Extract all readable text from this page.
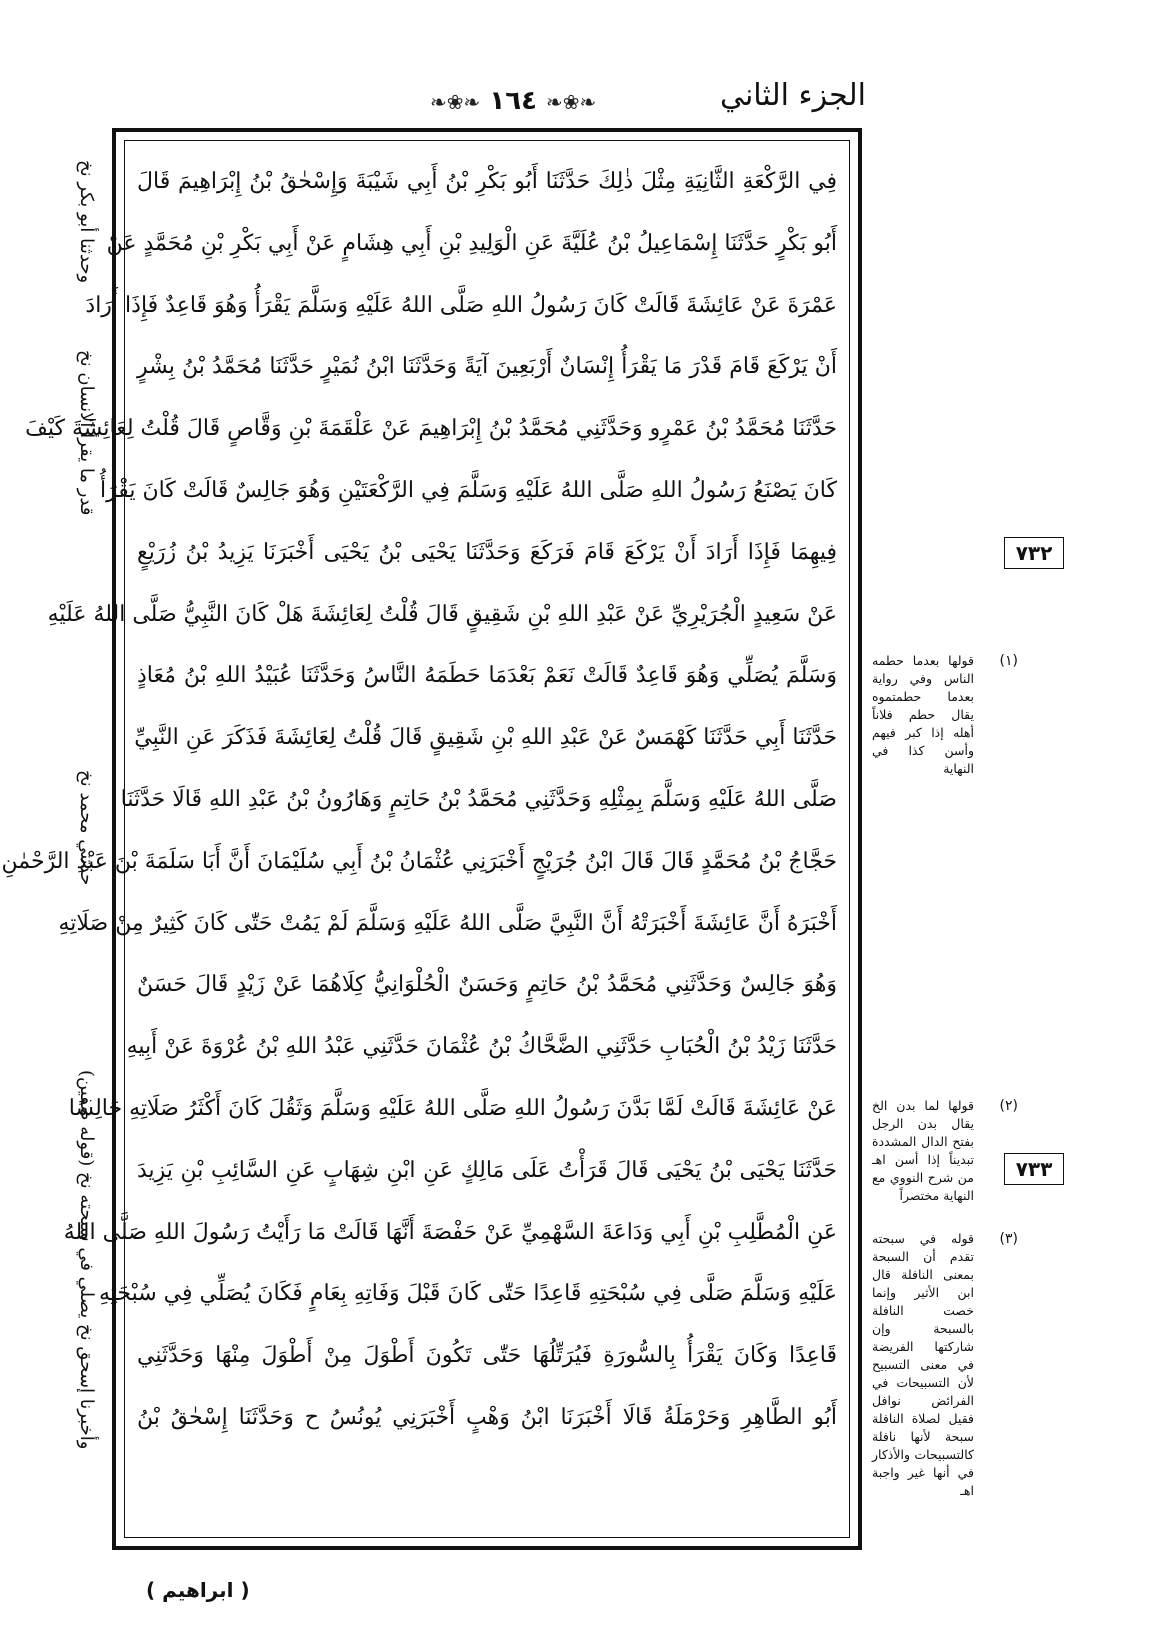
الجزء الثاني
❧❀❧ ١٦٤ ❧❀❧
فِي الرَّكْعَةِ الثَّانِيَةِ مِثْلَ ذٰلِكَ حَدَّثَنَا أَبُو بَكْرِ بْنُ أَبِي شَيْبَةَ وَإِسْحٰقُ بْنُ إِبْرَاهِيمَ قَالَ
أَبُو بَكْرٍ حَدَّثَنَا إِسْمَاعِيلُ بْنُ عُلَيَّةَ عَنِ الْوَلِيدِ بْنِ أَبِي هِشَامٍ عَنْ أَبِي بَكْرِ بْنِ مُحَمَّدٍ عَنْ
عَمْرَةَ عَنْ عَائِشَةَ قَالَتْ كَانَ رَسُولُ اللهِ صَلَّى اللهُ عَلَيْهِ وَسَلَّمَ يَقْرَأُ وَهُوَ قَاعِدٌ فَإِذَا أَرَادَ
أَنْ يَرْكَعَ قَامَ قَدْرَ مَا يَقْرَأُ إِنْسَانٌ أَرْبَعِينَ آيَةً وَحَدَّثَنَا ابْنُ نُمَيْرٍ حَدَّثَنَا مُحَمَّدُ بْنُ بِشْرٍ
حَدَّثَنَا مُحَمَّدُ بْنُ عَمْرٍو وَحَدَّثَنِي مُحَمَّدُ بْنُ إِبْرَاهِيمَ عَنْ عَلْقَمَةَ بْنِ وَقَّاصٍ قَالَ قُلْتُ لِعَائِشَةَ كَيْفَ
كَانَ يَصْنَعُ رَسُولُ اللهِ صَلَّى اللهُ عَلَيْهِ وَسَلَّمَ فِي الرَّكْعَتَيْنِ وَهُوَ جَالِسٌ قَالَتْ كَانَ يَقْرَأُ
فِيهِمَا فَإِذَا أَرَادَ أَنْ يَرْكَعَ قَامَ فَرَكَعَ وَحَدَّثَنَا يَحْيَى بْنُ يَحْيَى أَخْبَرَنَا يَزِيدُ بْنُ زُرَيْعٍ
عَنْ سَعِيدٍ الْجُرَيْرِيِّ عَنْ عَبْدِ اللهِ بْنِ شَقِيقٍ قَالَ قُلْتُ لِعَائِشَةَ هَلْ كَانَ النَّبِيُّ صَلَّى اللهُ عَلَيْهِ
وَسَلَّمَ يُصَلِّي وَهُوَ قَاعِدٌ قَالَتْ نَعَمْ بَعْدَمَا حَطَمَهُ النَّاسُ وَحَدَّثَنَا عُبَيْدُ اللهِ بْنُ مُعَاذٍ
حَدَّثَنَا أَبِي حَدَّثَنَا كَهْمَسٌ عَنْ عَبْدِ اللهِ بْنِ شَقِيقٍ قَالَ قُلْتُ لِعَائِشَةَ فَذَكَرَ عَنِ النَّبِيِّ
صَلَّى اللهُ عَلَيْهِ وَسَلَّمَ بِمِثْلِهِ وَحَدَّثَنِي مُحَمَّدُ بْنُ حَاتِمٍ وَهَارُونُ بْنُ عَبْدِ اللهِ قَالَا حَدَّثَنَا
حَجَّاجُ بْنُ مُحَمَّدٍ قَالَ قَالَ ابْنُ جُرَيْجٍ أَخْبَرَنِي عُثْمَانُ بْنُ أَبِي سُلَيْمَانَ أَنَّ أَبَا سَلَمَةَ بْنَ عَبْدِ الرَّحْمٰنِ
أَخْبَرَهُ أَنَّ عَائِشَةَ أَخْبَرَتْهُ أَنَّ النَّبِيَّ صَلَّى اللهُ عَلَيْهِ وَسَلَّمَ لَمْ يَمُتْ حَتّٰى كَانَ كَثِيرٌ مِنْ صَلَاتِهِ
وَهُوَ جَالِسٌ وَحَدَّثَنِي مُحَمَّدُ بْنُ حَاتِمٍ وَحَسَنٌ الْحُلْوَانِيُّ كِلَاهُمَا عَنْ زَيْدٍ قَالَ حَسَنٌ
حَدَّثَنَا زَيْدُ بْنُ الْحُبَابِ حَدَّثَنِي الضَّحَّاكُ بْنُ عُثْمَانَ حَدَّثَنِي عَبْدُ اللهِ بْنُ عُرْوَةَ عَنْ أَبِيهِ
عَنْ عَائِشَةَ قَالَتْ لَمَّا بَدَّنَ رَسُولُ اللهِ صَلَّى اللهُ عَلَيْهِ وَسَلَّمَ وَثَقُلَ كَانَ أَكْثَرُ صَلَاتِهِ جَالِسًا
حَدَّثَنَا يَحْيَى بْنُ يَحْيَى قَالَ قَرَأْتُ عَلَى مَالِكٍ عَنِ ابْنِ شِهَابٍ عَنِ السَّائِبِ بْنِ يَزِيدَ
عَنِ الْمُطَّلِبِ بْنِ أَبِي وَدَاعَةَ السَّهْمِيِّ عَنْ حَفْصَةَ أَنَّهَا قَالَتْ مَا رَأَيْتُ رَسُولَ اللهِ صَلَّى اللهُ
عَلَيْهِ وَسَلَّمَ صَلَّى فِي سُبْحَتِهِ قَاعِدًا حَتّٰى كَانَ قَبْلَ وَفَاتِهِ بِعَامٍ فَكَانَ يُصَلِّي فِي سُبْحَتِهِ
قَاعِدًا وَكَانَ يَقْرَأُ بِالسُّورَةِ فَيُرَتِّلُهَا حَتّٰى تَكُونَ أَطْوَلَ مِنْ أَطْوَلَ مِنْهَا وَحَدَّثَنِي
أَبُو الطَّاهِرِ وَحَرْمَلَةُ قَالَا أَخْبَرَنَا ابْنُ وَهْبٍ أَخْبَرَنِي يُونُسُ ح وَحَدَّثَنَا إِسْحٰقُ بْنُ
وحدثنا أبو بكر نخ
قدر ما يقرأ الانسان نخ
حدثني محمد نخ
وأخبرنا إسحق نخ يصلي في سبحته نخ (قوله صفين)
٧٣٢
٧٣٣
(١)
قولها بعدما حطمه الناس وفي رواية بعدما حطمتموه يقال حطم فلاناً أهله إذا كبر فيهم وأسن كذا في النهاية
(٢)
قولها لما بدن الخ يقال بدن الرجل بفتح الدال المشددة تبديناً إذا أسن اهـ من شرح النووي مع النهاية مختصراً
(٣)
قوله في سبحته تقدم أن السبحة بمعنى النافلة قال ابن الأثير وإنما خصت النافلة بالسبحة وإن شاركتها الفريضة في معنى التسبيح لأن التسبيحات في الفرائض نوافل فقيل لصلاة النافلة سبحة لأنها نافلة كالتسبيحات والأذكار في أنها غير واجبة اهـ
( ابراهيم )
